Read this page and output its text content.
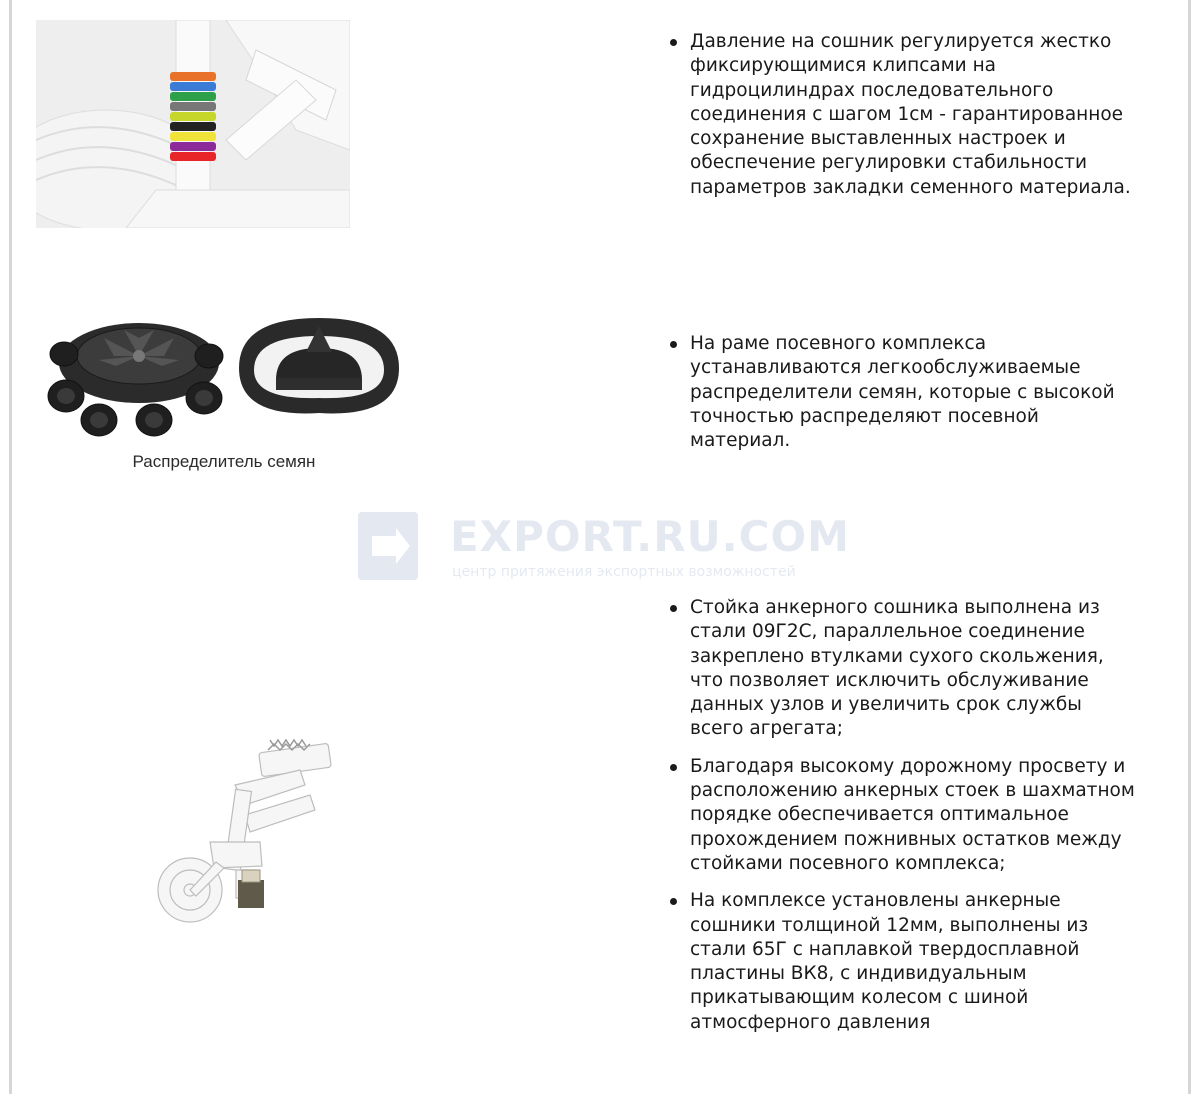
Давление на сошник регулируется жестко фиксирующимися клипсами на гидроцилиндрах последовательного соединения с шагом 1см - гарантированное сохранение выставленных настроек и обеспечение регулировки стабильности параметров закладки семенного материала.
Распределитель семян
На раме посевного комплекса устанавливаются легкообслуживаемые распределители семян, которые с высокой точностью распределяют посевной материал.
EXPORT.RU.COM
центр притяжения экспортных возможностей
Стойка анкерного сошника выполнена из стали 09Г2С, параллельное соединение закреплено втулками сухого скольжения, что позволяет исключить обслуживание данных узлов и увеличить срок службы всего агрегата;
Благодаря высокому дорожному просвету и расположению анкерных стоек в шахматном порядке обеспечивается оптимальное прохождением пожнивных остатков между стойками посевного комплекса;
На комплексе установлены анкерные сошники толщиной 12мм, выполнены из стали 65Г с наплавкой твердосплавной пластины ВК8, с индивидуальным прикатывающим колесом с шиной атмосферного давления
